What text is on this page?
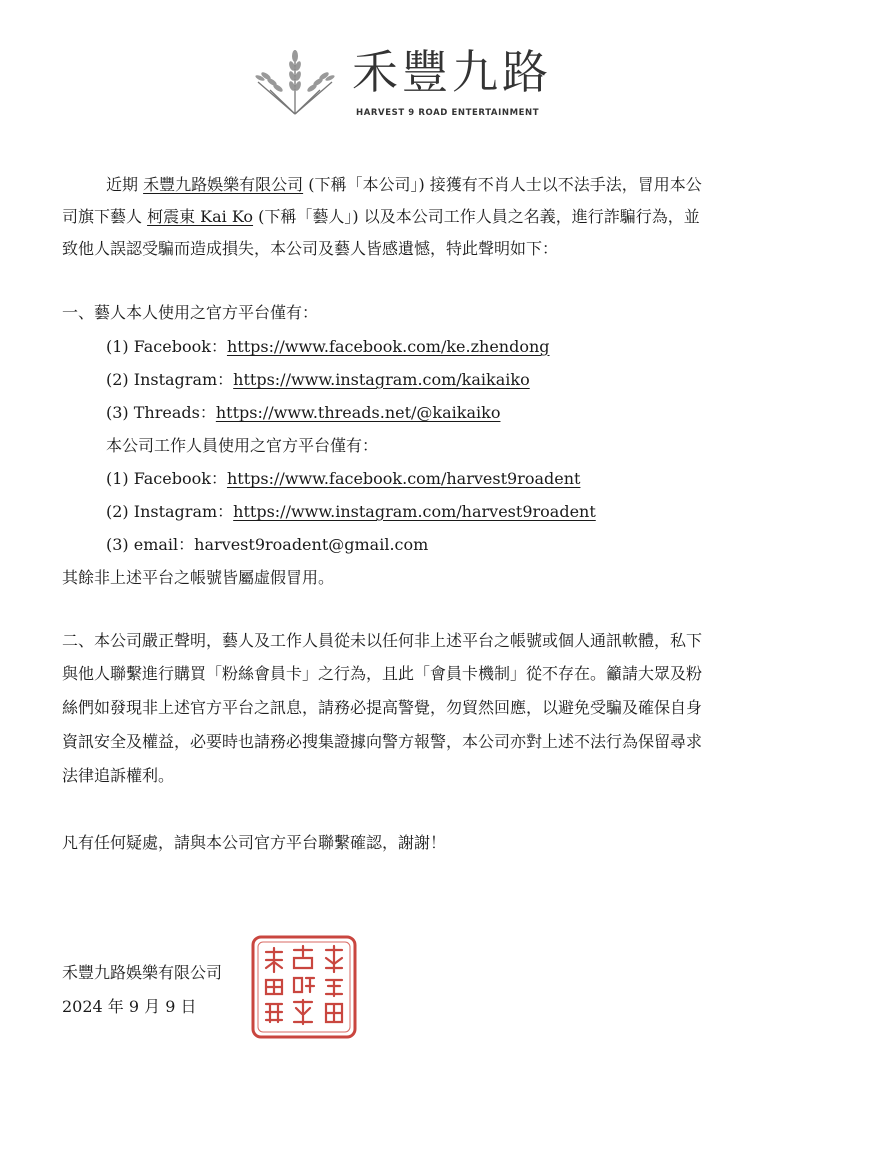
禾豐九路
HARVEST 9 ROAD ENTERTAINMENT
近期 禾豐九路娛樂有限公司 (下稱「本公司」) 接獲有不肖人士以不法手法，冒用本公
司旗下藝人 柯震東 Kai Ko (下稱「藝人」) 以及本公司工作人員之名義，進行詐騙行為，並
致他人誤認受騙而造成損失，本公司及藝人皆感遺憾，特此聲明如下：
一、藝人本人使用之官方平台僅有：
(1) Facebook：https://www.facebook.com/ke.zhendong
(2) Instagram：https://www.instagram.com/kaikaiko
(3) Threads：https://www.threads.net/@kaikaiko
本公司工作人員使用之官方平台僅有：
(1) Facebook：https://www.facebook.com/harvest9roadent
(2) Instagram：https://www.instagram.com/harvest9roadent
(3) email：harvest9roadent@gmail.com
其餘非上述平台之帳號皆屬虛假冒用。
二、本公司嚴正聲明，藝人及工作人員從未以任何非上述平台之帳號或個人通訊軟體，私下
與他人聯繫進行購買「粉絲會員卡」之行為，且此「會員卡機制」從不存在。籲請大眾及粉
絲們如發現非上述官方平台之訊息，請務必提高警覺，勿貿然回應，以避免受騙及確保自身
資訊安全及權益，必要時也請務必搜集證據向警方報警，本公司亦對上述不法行為保留尋求
法律追訴權利。
凡有任何疑處，請與本公司官方平台聯繫確認，謝謝！
禾豐九路娛樂有限公司
2024 年 9 月 9 日
